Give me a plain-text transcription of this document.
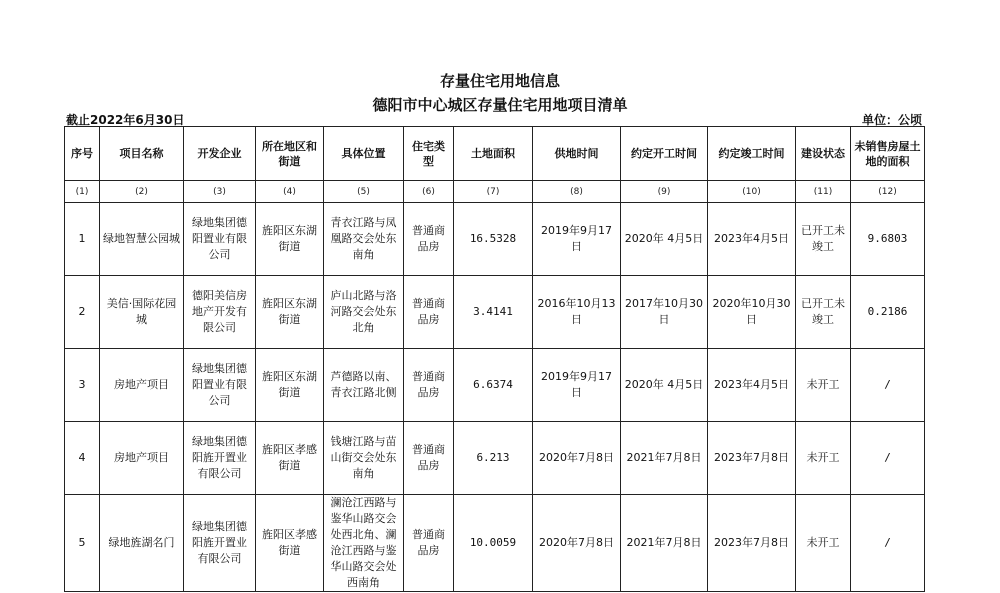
存量住宅用地信息
德阳市中心城区存量住宅用地项目清单
截止2022年6月30日	单位：公顷
序号	项目名称	开发企业	所在地区和街道	具体位置	住宅类型	土地面积	供地时间	约定开工时间	约定竣工时间	建设状态	未销售房屋土地的面积
(1)	(2)	(3)	(4)	(5)	(6)	(7)	(8)	(9)	(10)	(11)	(12)
1	绿地智慧公园城	绿地集团德阳置业有限公司	旌阳区东湖街道	青衣江路与凤凰路交会处东南角	普通商品房	16.5328	2019年9月17日	2020年 4月5日	2023年4月5日	已开工未竣工	9.6803
2	美信·国际花园城	德阳美信房地产开发有限公司	旌阳区东湖街道	庐山北路与洛河路交会处东北角	普通商品房	3.4141	2016年10月13日	2017年10月30日	2020年10月30日	已开工未竣工	0.2186
3	房地产项目	绿地集团德阳置业有限公司	旌阳区东湖街道	芦德路以南、青衣江路北侧	普通商品房	6.6374	2019年9月17日	2020年 4月5日	2023年4月5日	未开工	/
4	房地产项目	绿地集团德阳旌开置业有限公司	旌阳区孝感街道	钱塘江路与苗山街交会处东南角	普通商品房	6.213	2020年7月8日	2021年7月8日	2023年7月8日	未开工	/
5	绿地旌湖名门	绿地集团德阳旌开置业有限公司	旌阳区孝感街道	澜沧江西路与鉴华山路交会处西北角、澜沧江西路与鉴华山路交会处西南角	普通商品房	10.0059	2020年7月8日	2021年7月8日	2023年7月8日	未开工	/
